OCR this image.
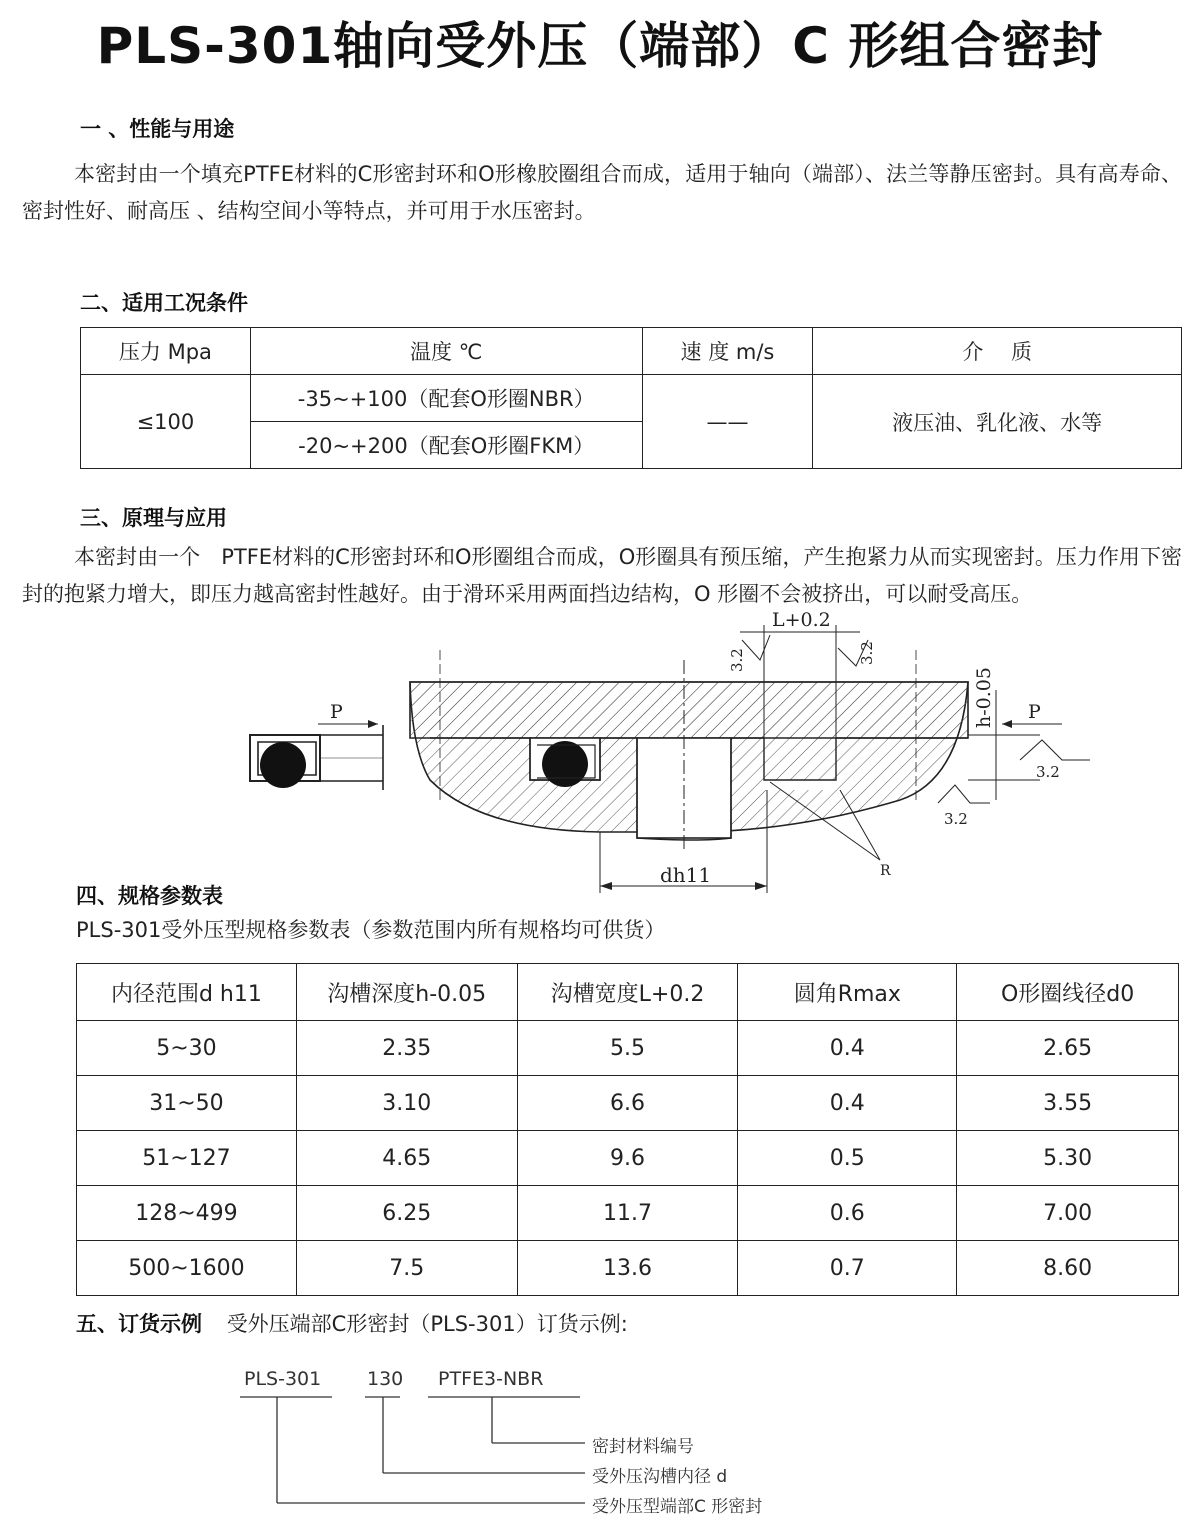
PLS-301轴向受外压（端部）C 形组合密封
一 、性能与用途

本密封由一个填充PTFE材料的C形密封环和O形橡胶圈组合而成，适用于轴向（端部）、法兰等静压密封。具有高寿命、密封性好、耐高压 、结构空间小等特点，并可用于水压密封。

二、适用工况条件
压力 Mpa	温度 ℃	速 度 m/s	介　 质
≤100	-35~+100（配套O形圈NBR）	——	液压油、乳化液、水等
	-20~+200（配套O形圈FKM）		
三、原理与应用

本密封由一个　PTFE材料的C形密封环和O形圈组合而成，O形圈具有预压缩，产生抱紧力从而实现密封。压力作用下密封的抱紧力增大，即压力越高密封性越好。由于滑环采用两面挡边结构，O 形圈不会被挤出，可以耐受高压。

L+0.2
h-0.05
dh11	R
3.2	3.2
3.2
3.2
P	P
四、规格参数表
PLS-301受外压型规格参数表（参数范围内所有规格均可供货）
内径范围d h11	沟槽深度h-0.05	沟槽宽度L+0.2	圆角Rmax	O形圈线径d0
5~30	2.35	5.5	0.4	2.65
31~50	3.10	6.6	0.4	3.55
51~127	4.65	9.6	0.5	5.30
128~499	6.25	11.7	0.6	7.00
500~1600	7.5	13.6	0.7	8.60
五、订货示例 受外压端部C形密封（PLS-301）订货示例:
PLS-301 130 PTFE3-NBR
密封材料编号
受外压沟槽内径 d
受外压型端部C 形密封
